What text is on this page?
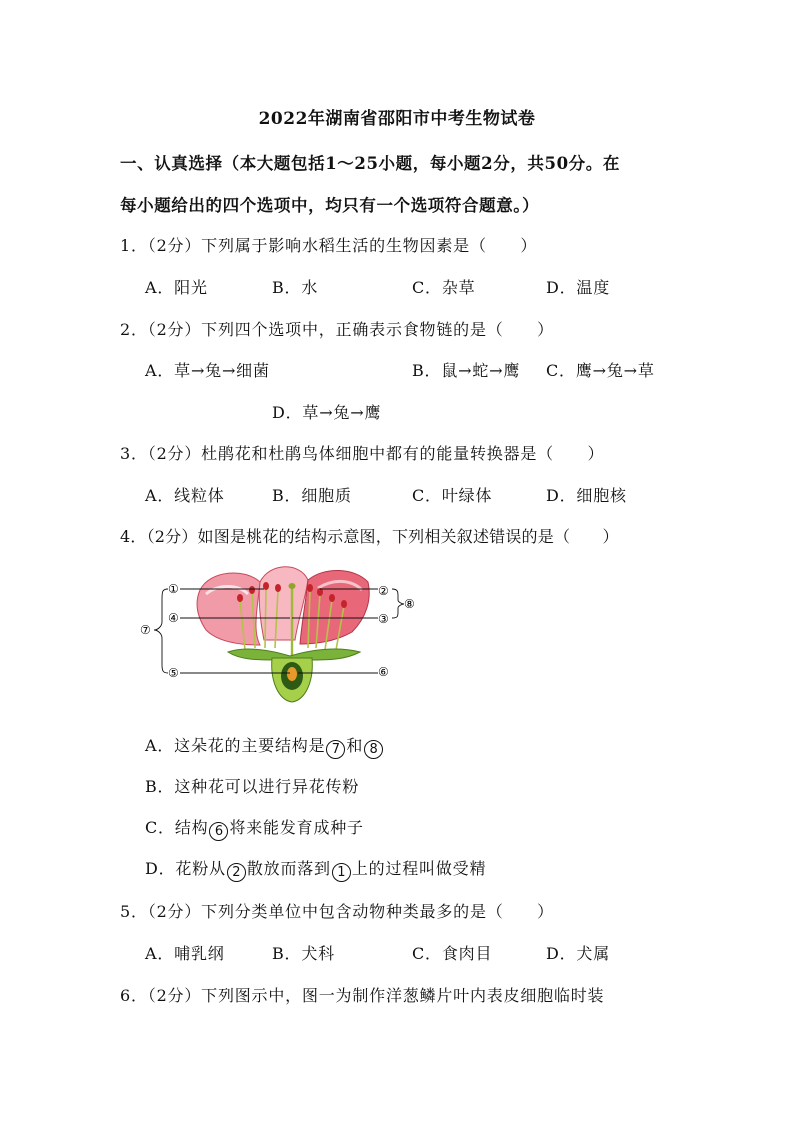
2022年湖南省邵阳市中考生物试卷
一、认真选择（本大题包括1～25小题，每小题2分，共50分。在
每小题给出的四个选项中，均只有一个选项符合题意。）
1．（2分）下列属于影响水稻生活的生物因素是（　　）
A．阳光	B．水	C．杂草	D．温度
2．（2分）下列四个选项中，正确表示食物链的是（　　）
A．草→兔→细菌	B．鼠→蛇→鹰 C．鹰→兔→草
D．草→兔→鹰
3．（2分）杜鹃花和杜鹃鸟体细胞中都有的能量转换器是（　　）
A．线粒体	B．细胞质	C．叶绿体	D．细胞核
4．（2分）如图是桃花的结构示意图，下列相关叙述错误的是（　　）
①	②
③
④
⑤	⑥
⑦
⑧
A．这朵花的主要结构是 7 和 8
B．这种花可以进行异花传粉
C．结构 6 将来能发育成种子
D．花粉从 2 散放而落到 1 上的过程叫做受精
5．（2分）下列分类单位中包含动物种类最多的是（　　）
A．哺乳纲	B．犬科	C．食肉目	D．犬属
6．（2分）下列图示中，图一为制作洋葱鳞片叶内表皮细胞临时装
